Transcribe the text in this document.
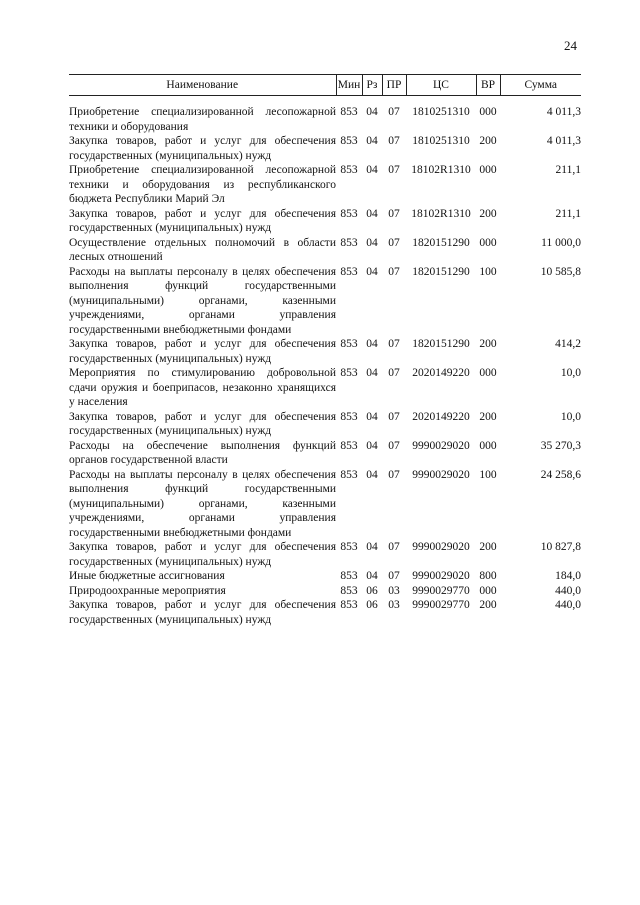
24
Наименование	Мин	Рз	ПР	ЦС	ВР	Сумма
Приобретение специализированной лесопожарной техники и оборудования	853	04	07	1810251310	000	4 011,3
Закупка товаров, работ и услуг для обеспечения государственных (муниципальных) нужд	853	04	07	1810251310	200	4 011,3
Приобретение специализированной лесопожарной техники и оборудования из республиканского бюджета Республики Марий Эл	853	04	07	18102R1310	000	211,1
Закупка товаров, работ и услуг для обеспечения государственных (муниципальных) нужд	853	04	07	18102R1310	200	211,1
Осуществление отдельных полномочий в области лесных отношений	853	04	07	1820151290	000	11 000,0
Расходы на выплаты персоналу в целях обеспечения выполнения функций государственными (муниципальными) органами, казенными учреждениями, органами управления государственными внебюджетными фондами	853	04	07	1820151290	100	10 585,8
Закупка товаров, работ и услуг для обеспечения государственных (муниципальных) нужд	853	04	07	1820151290	200	414,2
Мероприятия по стимулированию добровольной сдачи оружия и боеприпасов, незаконно хранящихся у населения	853	04	07	2020149220	000	10,0
Закупка товаров, работ и услуг для обеспечения государственных (муниципальных) нужд	853	04	07	2020149220	200	10,0
Расходы на обеспечение выполнения функций органов государственной власти	853	04	07	9990029020	000	35 270,3
Расходы на выплаты персоналу в целях обеспечения выполнения функций государственными (муниципальными) органами, казенными учреждениями, органами управления государственными внебюджетными фондами	853	04	07	9990029020	100	24 258,6
Закупка товаров, работ и услуг для обеспечения государственных (муниципальных) нужд	853	04	07	9990029020	200	10 827,8
Иные бюджетные ассигнования	853	04	07	9990029020	800	184,0
Природоохранные мероприятия	853	06	03	9990029770	000	440,0
Закупка товаров, работ и услуг для обеспечения государственных (муниципальных) нужд	853	06	03	9990029770	200	440,0
